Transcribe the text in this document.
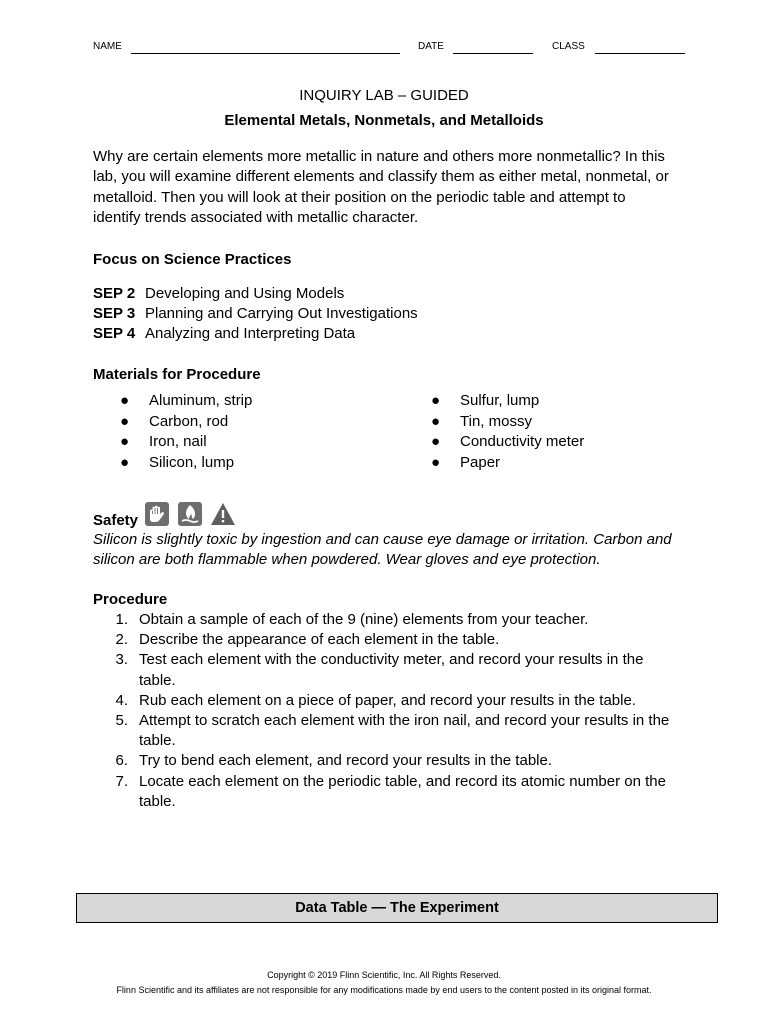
NAME	DATE	CLASS
INQUIRY LAB – GUIDED
Elemental Metals, Nonmetals, and Metalloids
Why are certain elements more metallic in nature and others more nonmetallic? In this lab, you will examine different elements and classify them as either metal, nonmetal, or metalloid. Then you will look at their position on the periodic table and attempt to identify trends associated with metallic character.
Focus on Science Practices
SEP 2 Developing and Using Models
SEP 3 Planning and Carrying Out Investigations
SEP 4 Analyzing and Interpreting Data
Materials for Procedure
● Aluminum, strip
● Carbon, rod
● Iron, nail
● Silicon, lump
● Sulfur, lump
● Tin, mossy
● Conductivity meter
● Paper
Safety
Silicon is slightly toxic by ingestion and can cause eye damage or irritation. Carbon and silicon are both flammable when powdered. Wear gloves and eye protection.
Procedure
1. Obtain a sample of each of the 9 (nine) elements from your teacher.
2. Describe the appearance of each element in the table.
3. Test each element with the conductivity meter, and record your results in the table.
4. Rub each element on a piece of paper, and record your results in the table.
5. Attempt to scratch each element with the iron nail, and record your results in the table.
6. Try to bend each element, and record your results in the table.
7. Locate each element on the periodic table, and record its atomic number on the table.
Data Table — The Experiment
Copyright © 2019 Flinn Scientific, Inc. All Rights Reserved.
Flinn Scientific and its affiliates are not responsible for any modifications made by end users to the content posted in its original format.
